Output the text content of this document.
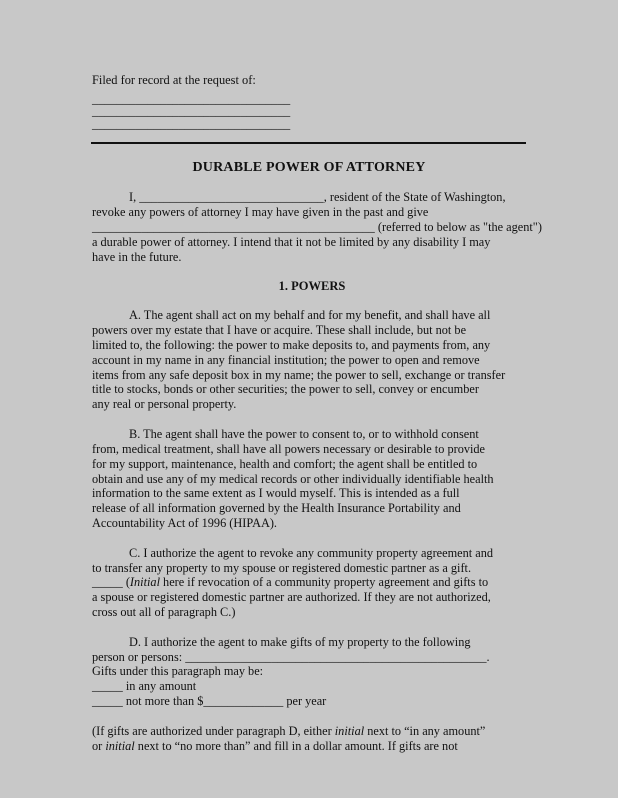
Filed for record at the request of:
________________________________
________________________________
________________________________
DURABLE POWER OF ATTORNEY
I, ______________________________, resident of the State of Washington,
revoke any powers of attorney I may have given in the past and give
______________________________________________ (referred to below as "the agent")
a durable power of attorney. I intend that it not be limited by any disability I may
have in the future.
1. POWERS
A. The agent shall act on my behalf and for my benefit, and shall have all
powers over my estate that I have or acquire. These shall include, but not be
limited to, the following: the power to make deposits to, and payments from, any
account in my name in any financial institution; the power to open and remove
items from any safe deposit box in my name; the power to sell, exchange or transfer
title to stocks, bonds or other securities; the power to sell, convey or encumber
any real or personal property.
B. The agent shall have the power to consent to, or to withhold consent
from, medical treatment, shall have all powers necessary or desirable to provide
for my support, maintenance, health and comfort; the agent shall be entitled to
obtain and use any of my medical records or other individually identifiable health
information to the same extent as I would myself. This is intended as a full
release of all information governed by the Health Insurance Portability and
Accountability Act of 1996 (HIPAA).
C. I authorize the agent to revoke any community property agreement and
to transfer any property to my spouse or registered domestic partner as a gift.
_____ (Initial here if revocation of a community property agreement and gifts to
a spouse or registered domestic partner are authorized. If they are not authorized,
cross out all of paragraph C.)
D. I authorize the agent to make gifts of my property to the following
person or persons: _________________________________________________.
Gifts under this paragraph may be:
_____ in any amount
_____ not more than $_____________ per year
(If gifts are authorized under paragraph D, either initial next to “in any amount”
or initial next to “no more than” and fill in a dollar amount. If gifts are not
